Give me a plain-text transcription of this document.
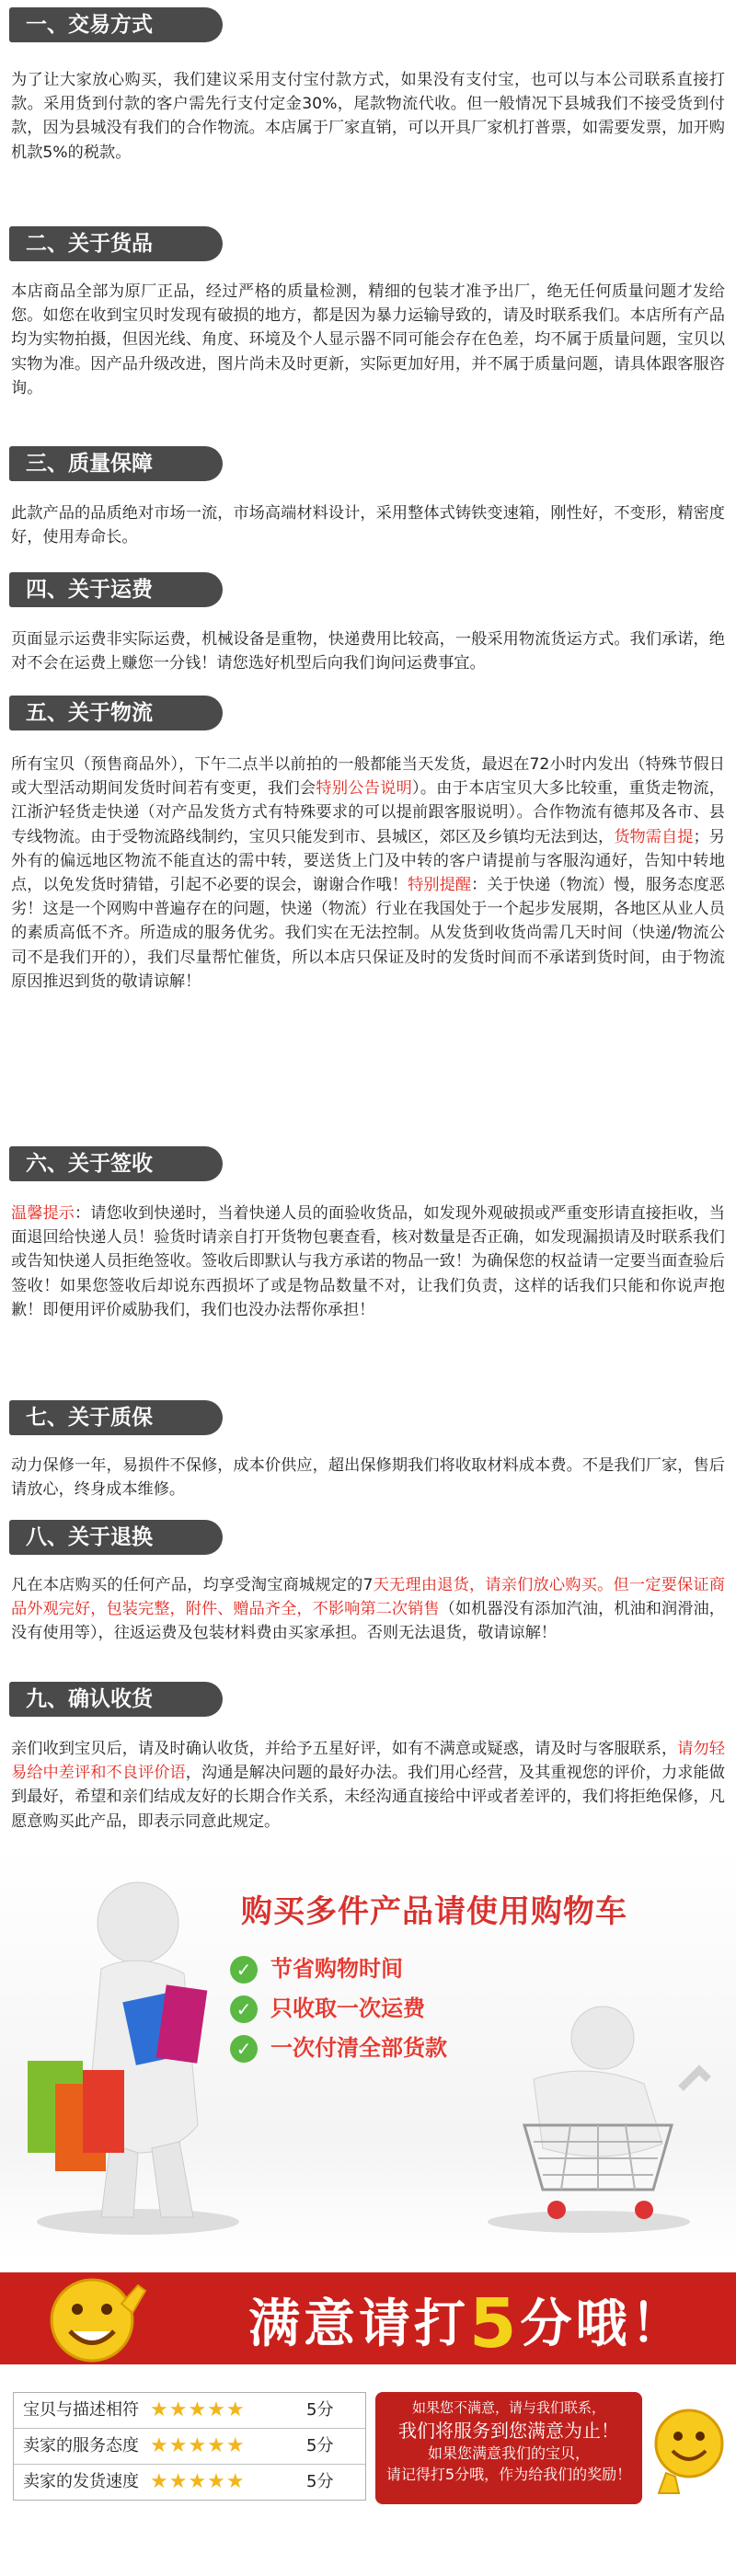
一、交易方式

为了让大家放心购买，我们建议采用支付宝付款方式，如果没有支付宝，也可以与本公司联系直接打款。采用货到付款的客户需先行支付定金30%，尾款物流代收。但一般情况下县城我们不接受货到付款，因为县城没有我们的合作物流。本店属于厂家直销，可以开具厂家机打普票，如需要发票，加开购机款5%的税款。

二、关于货品

本店商品全部为原厂正品，经过严格的质量检测，精细的包装才准予出厂，绝无任何质量问题才发给您。如您在收到宝贝时发现有破损的地方，都是因为暴力运输导致的，请及时联系我们。本店所有产品均为实物拍摄，但因光线、角度、环境及个人显示器不同可能会存在色差，均不属于质量问题，宝贝以实物为准。因产品升级改进，图片尚未及时更新，实际更加好用，并不属于质量问题，请具体跟客服咨询。

三、质量保障

此款产品的品质绝对市场一流，市场高端材料设计，采用整体式铸铁变速箱，刚性好，不变形，精密度好，使用寿命长。

四、关于运费

页面显示运费非实际运费，机械设备是重物，快递费用比较高，一般采用物流货运方式。我们承诺，绝对不会在运费上赚您一分钱！请您选好机型后向我们询问运费事宜。

五、关于物流

所有宝贝（预售商品外），下午二点半以前拍的一般都能当天发货，最迟在72小时内发出（特殊节假日或大型活动期间发货时间若有变更，我们会特别公告说明）。由于本店宝贝大多比较重，重货走物流，江浙沪轻货走快递（对产品发货方式有特殊要求的可以提前跟客服说明）。合作物流有德邦及各市、县专线物流。由于受物流路线制约，宝贝只能发到市、县城区，郊区及乡镇均无法到达，货物需自提；另外有的偏远地区物流不能直达的需中转，要送货上门及中转的客户请提前与客服沟通好，告知中转地点，以免发货时猜错，引起不必要的误会，谢谢合作哦！特别提醒：关于快递（物流）慢，服务态度恶劣！这是一个网购中普遍存在的问题，快递（物流）行业在我国处于一个起步发展期，各地区从业人员的素质高低不齐。所造成的服务优劣。我们实在无法控制。从发货到收货尚需几天时间（快递/物流公司不是我们开的），我们尽量帮忙催货，所以本店只保证及时的发货时间而不承诺到货时间，由于物流原因推迟到货的敬请谅解！

六、关于签收

温馨提示：请您收到快递时，当着快递人员的面验收货品，如发现外观破损或严重变形请直接拒收，当面退回给快递人员！验货时请亲自打开货物包裹查看，核对数量是否正确，如发现漏损请及时联系我们或告知快递人员拒绝签收。签收后即默认与我方承诺的物品一致！为确保您的权益请一定要当面查验后签收！如果您签收后却说东西损坏了或是物品数量不对，让我们负责，这样的话我们只能和你说声抱歉！即便用评价威胁我们，我们也没办法帮你承担！

七、关于质保

动力保修一年，易损件不保修，成本价供应，超出保修期我们将收取材料成本费。不是我们厂家，售后请放心，终身成本维修。

八、关于退换

凡在本店购买的任何产品，均享受淘宝商城规定的7天无理由退货，请亲们放心购买。但一定要保证商品外观完好，包装完整，附件、赠品齐全，不影响第二次销售（如机器没有添加汽油，机油和润滑油，没有使用等），往返运费及包装材料费由买家承担。否则无法退货，敬请谅解！

九、确认收货

亲们收到宝贝后，请及时确认收货，并给予五星好评，如有不满意或疑惑，请及时与客服联系，请勿轻易给中差评和不良评价语，沟通是解决问题的最好办法。我们用心经营，及其重视您的评价，力求能做到最好，希望和亲们结成友好的长期合作关系，未经沟通直接给中评或者差评的，我们将拒绝保修，凡愿意购买此产品，即表示同意此规定。

购买多件产品请使用购物车
✓ 节省购物时间
✓ 只收取一次运费
✓ 一次付清全部货款
满意请打5分哦！
宝贝与描述相符 ★★★★★	5分
卖家的服务态度 ★★★★★	5分
卖家的发货速度 ★★★★★	5分
如果您不满意，请与我们联系，
我们将服务到您满意为止！
如果您满意我们的宝贝，
请记得打5分哦，作为给我们的奖励！
